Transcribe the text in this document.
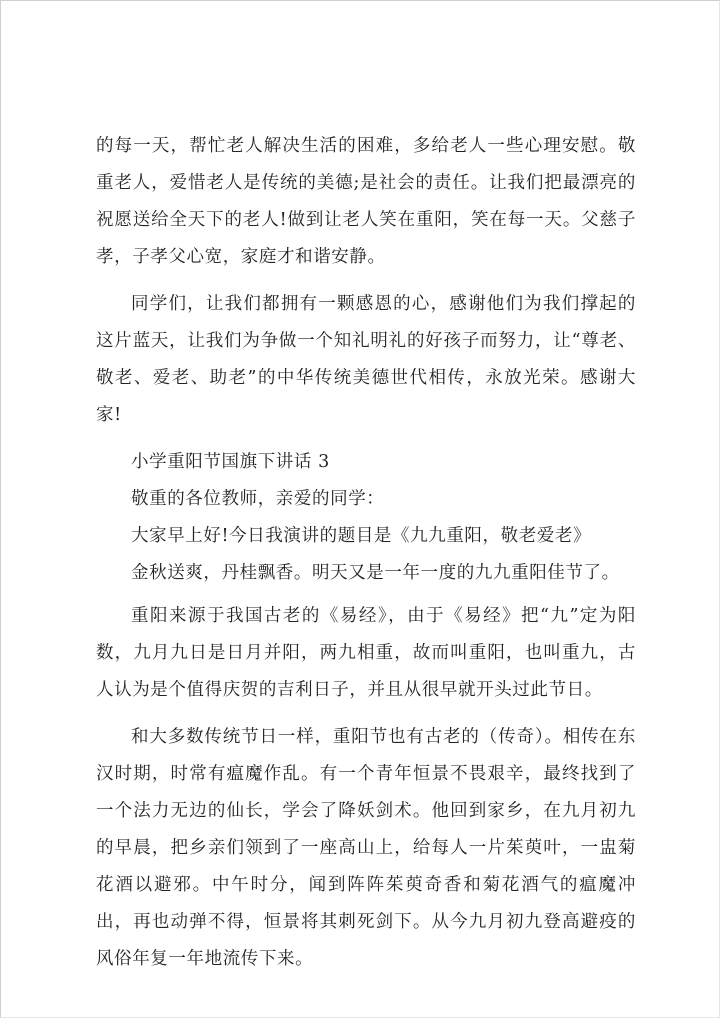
的每一天，帮忙老人解决生活的困难，多给老人一些心理安慰。敬重老人，爱惜老人是传统的美德;是社会的责任。让我们把最漂亮的祝愿送给全天下的老人!做到让老人笑在重阳，笑在每一天。父慈子孝，子孝父心宽，家庭才和谐安静。

同学们，让我们都拥有一颗感恩的心，感谢他们为我们撑起的这片蓝天，让我们为争做一个知礼明礼的好孩子而努力，让“尊老、敬老、爱老、助老”的中华传统美德世代相传，永放光荣。感谢大家!

小学重阳节国旗下讲话 3

敬重的各位教师，亲爱的同学：

大家早上好!今日我演讲的题目是《九九重阳，敬老爱老》

金秋送爽，丹桂飘香。明天又是一年一度的九九重阳佳节了。

重阳来源于我国古老的《易经》，由于《易经》把“九”定为阳数，九月九日是日月并阳，两九相重，故而叫重阳，也叫重九，古人认为是个值得庆贺的吉利日子，并且从很早就开头过此节日。

和大多数传统节日一样，重阳节也有古老的（传奇）。相传在东汉时期，时常有瘟魔作乱。有一个青年恒景不畏艰辛，最终找到了一个法力无边的仙长，学会了降妖剑术。他回到家乡，在九月初九的早晨，把乡亲们领到了一座高山上，给每人一片茱萸叶，一盅菊花酒以避邪。中午时分，闻到阵阵茱萸奇香和菊花酒气的瘟魔冲出，再也动弹不得，恒景将其刺死剑下。从今九月初九登高避疫的风俗年复一年地流传下来。
